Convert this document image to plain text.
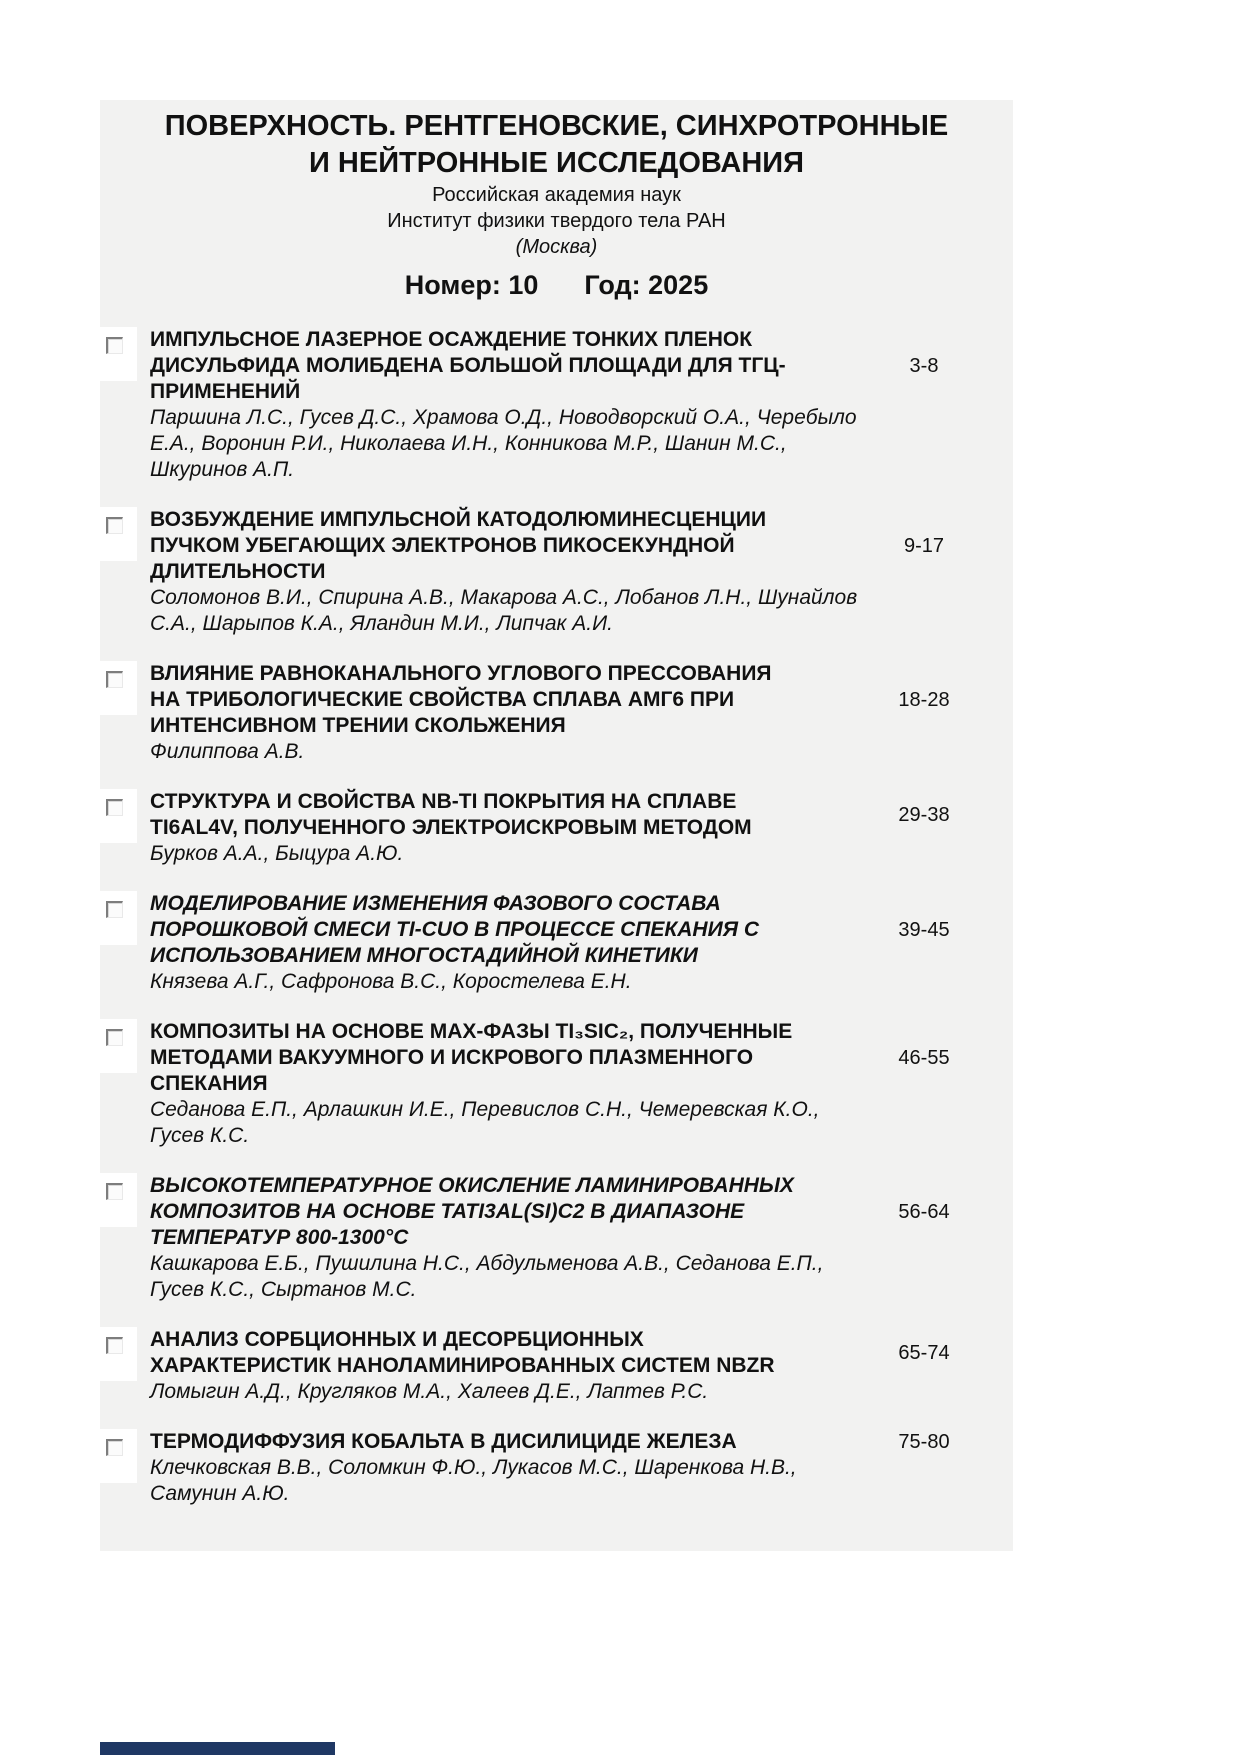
ПОВЕРХНОСТЬ. РЕНТГЕНОВСКИЕ, СИНХРОТРОННЫЕ И НЕЙТРОННЫЕ ИССЛЕДОВАНИЯ
Российская академия наук
Институт физики твердого тела РАН
(Москва)
Номер: 10 Год: 2025
ИМПУЛЬСНОЕ ЛАЗЕРНОЕ ОСАЖДЕНИЕ ТОНКИХ ПЛЕНОК ДИСУЛЬФИДА МОЛИБДЕНА БОЛЬШОЙ ПЛОЩАДИ ДЛЯ ТГЦ-ПРИМЕНЕНИЙ
3-8
Паршина Л.С., Гусев Д.С., Храмова О.Д., Новодворский О.А., Черебыло Е.А., Воронин Р.И., Николаева И.Н., Конникова М.Р., Шанин М.С., Шкуринов А.П.
ВОЗБУЖДЕНИЕ ИМПУЛЬСНОЙ КАТОДОЛЮМИНЕСЦЕНЦИИ ПУЧКОМ УБЕГАЮЩИХ ЭЛЕКТРОНОВ ПИКОСЕКУНДНОЙ ДЛИТЕЛЬНОСТИ
9-17
Соломонов В.И., Спирина А.В., Макарова А.С., Лобанов Л.Н., Шунайлов С.А., Шарыпов К.А., Яландин М.И., Липчак А.И.
ВЛИЯНИЕ РАВНОКАНАЛЬНОГО УГЛОВОГО ПРЕССОВАНИЯ НА ТРИБОЛОГИЧЕСКИЕ СВОЙСТВА СПЛАВА АМГ6 ПРИ ИНТЕНСИВНОМ ТРЕНИИ СКОЛЬЖЕНИЯ
18-28
Филиппова А.В.
СТРУКТУРА И СВОЙСТВА NB-TI ПОКРЫТИЯ НА СПЛАВЕ TI6AL4V, ПОЛУЧЕННОГО ЭЛЕКТРОИСКРОВЫМ МЕТОДОМ
29-38
Бурков А.А., Быцура А.Ю.
МОДЕЛИРОВАНИЕ ИЗМЕНЕНИЯ ФАЗОВОГО СОСТАВА ПОРОШКОВОЙ СМЕСИ TI-CUO В ПРОЦЕССЕ СПЕКАНИЯ С ИСПОЛЬЗОВАНИЕМ МНОГОСТАДИЙНОЙ КИНЕТИКИ
39-45
Князева А.Г., Сафронова В.С., Коростелева Е.Н.
КОМПОЗИТЫ НА ОСНОВЕ MAX-ФАЗЫ TI₃SIC₂, ПОЛУЧЕННЫЕ МЕТОДАМИ ВАКУУМНОГО И ИСКРОВОГО ПЛАЗМЕННОГО СПЕКАНИЯ
46-55
Седанова Е.П., Арлашкин И.Е., Перевислов С.Н., Чемеревская К.О., Гусев К.С.
ВЫСОКОТЕМПЕРАТУРНОЕ ОКИСЛЕНИЕ ЛАМИНИРОВАННЫХ КОМПОЗИТОВ НА ОСНОВЕ TATI3AL(SI)C2 В ДИАПАЗОНЕ ТЕМПЕРАТУР 800-1300°С
56-64
Кашкарова Е.Б., Пушилина Н.С., Абдульменова А.В., Седанова Е.П., Гусев К.С., Сыртанов М.С.
АНАЛИЗ СОРБЦИОННЫХ И ДЕСОРБЦИОННЫХ ХАРАКТЕРИСТИК НАНОЛАМИНИРОВАННЫХ СИСТЕМ NBZR
65-74
Ломыгин А.Д., Кругляков М.А., Халеев Д.Е., Лаптев Р.С.
ТЕРМОДИФФУЗИЯ КОБАЛЬТА В ДИСИЛИЦИДЕ ЖЕЛЕЗА	75-80
Клечковская В.В., Соломкин Ф.Ю., Лукасов М.С., Шаренкова Н.В., Самунин А.Ю.
